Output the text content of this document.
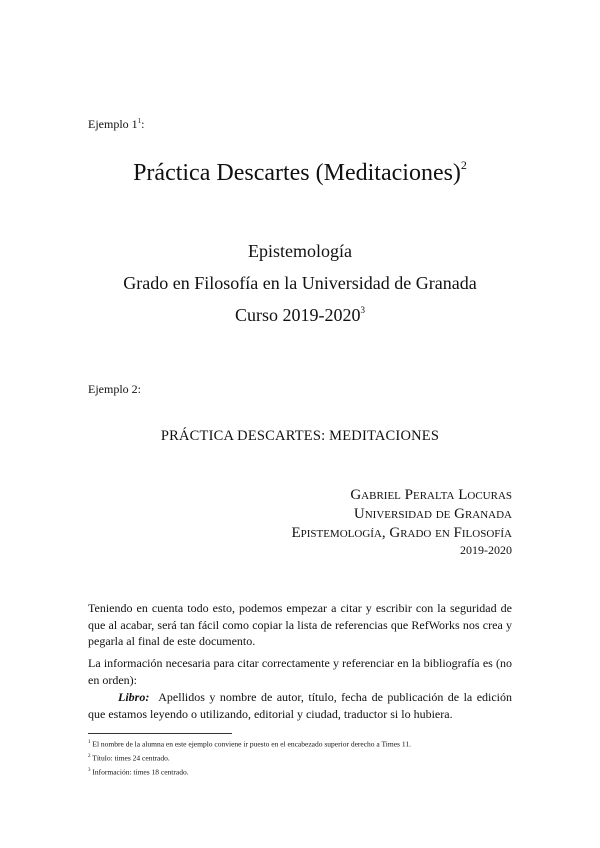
Ejemplo $1^1$:
Práctica Descartes (Meditaciones)$^2$
Epistemología
Grado en Filosofía en la Universidad de Granada
Curso 2019-2020$^3$
Ejemplo 2:
PRÁCTICA DESCARTES: MEDITACIONES
Gabriel Peralta Locuras
Universidad de Granada
Epistemología, Grado en Filosofía
2019-2020
Teniendo en cuenta todo esto, podemos empezar a citar y escribir con la seguridad de que al acabar, será tan fácil como copiar la lista de referencias que RefWorks nos crea y pegarla al final de este documento.
La información necesaria para citar correctamente y referenciar en la bibliografía es (no en orden):
Libro: Apellidos y nombre de autor, título, fecha de publicación de la edición que estamos leyendo o utilizando, editorial y ciudad, traductor si lo hubiera.
$^1$ El nombre de la alumna en este ejemplo conviene ir puesto en el encabezado superior derecho a Times 11.
$^2$ Título: times 24 centrado.
$^3$ Información: times 18 centrado.
